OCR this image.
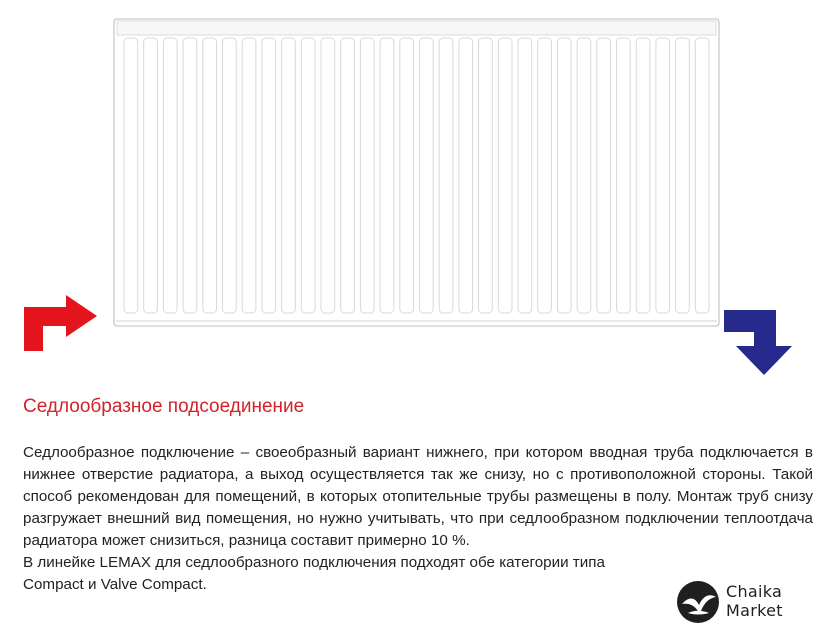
Седлообразное подсоединение

Седлообразное подключение – своеобразный вариант нижнего, при котором вводная труба подключается в нижнее отверстие радиатора, а выход осуществляется так же снизу, но с противоположной стороны. Такой способ рекомендован для помещений, в которых отопительные трубы размещены в полу. Монтаж труб снизу разгружает внешний вид помещения, но нужно учитывать, что при седлообразном подключении теплоотдача радиатора может снизиться, разница составит примерно 10 %.

В линейке LEMAX для седлообразного подключения подходят обе категории типа Compact и Valve Compact.	Chaika
Market
